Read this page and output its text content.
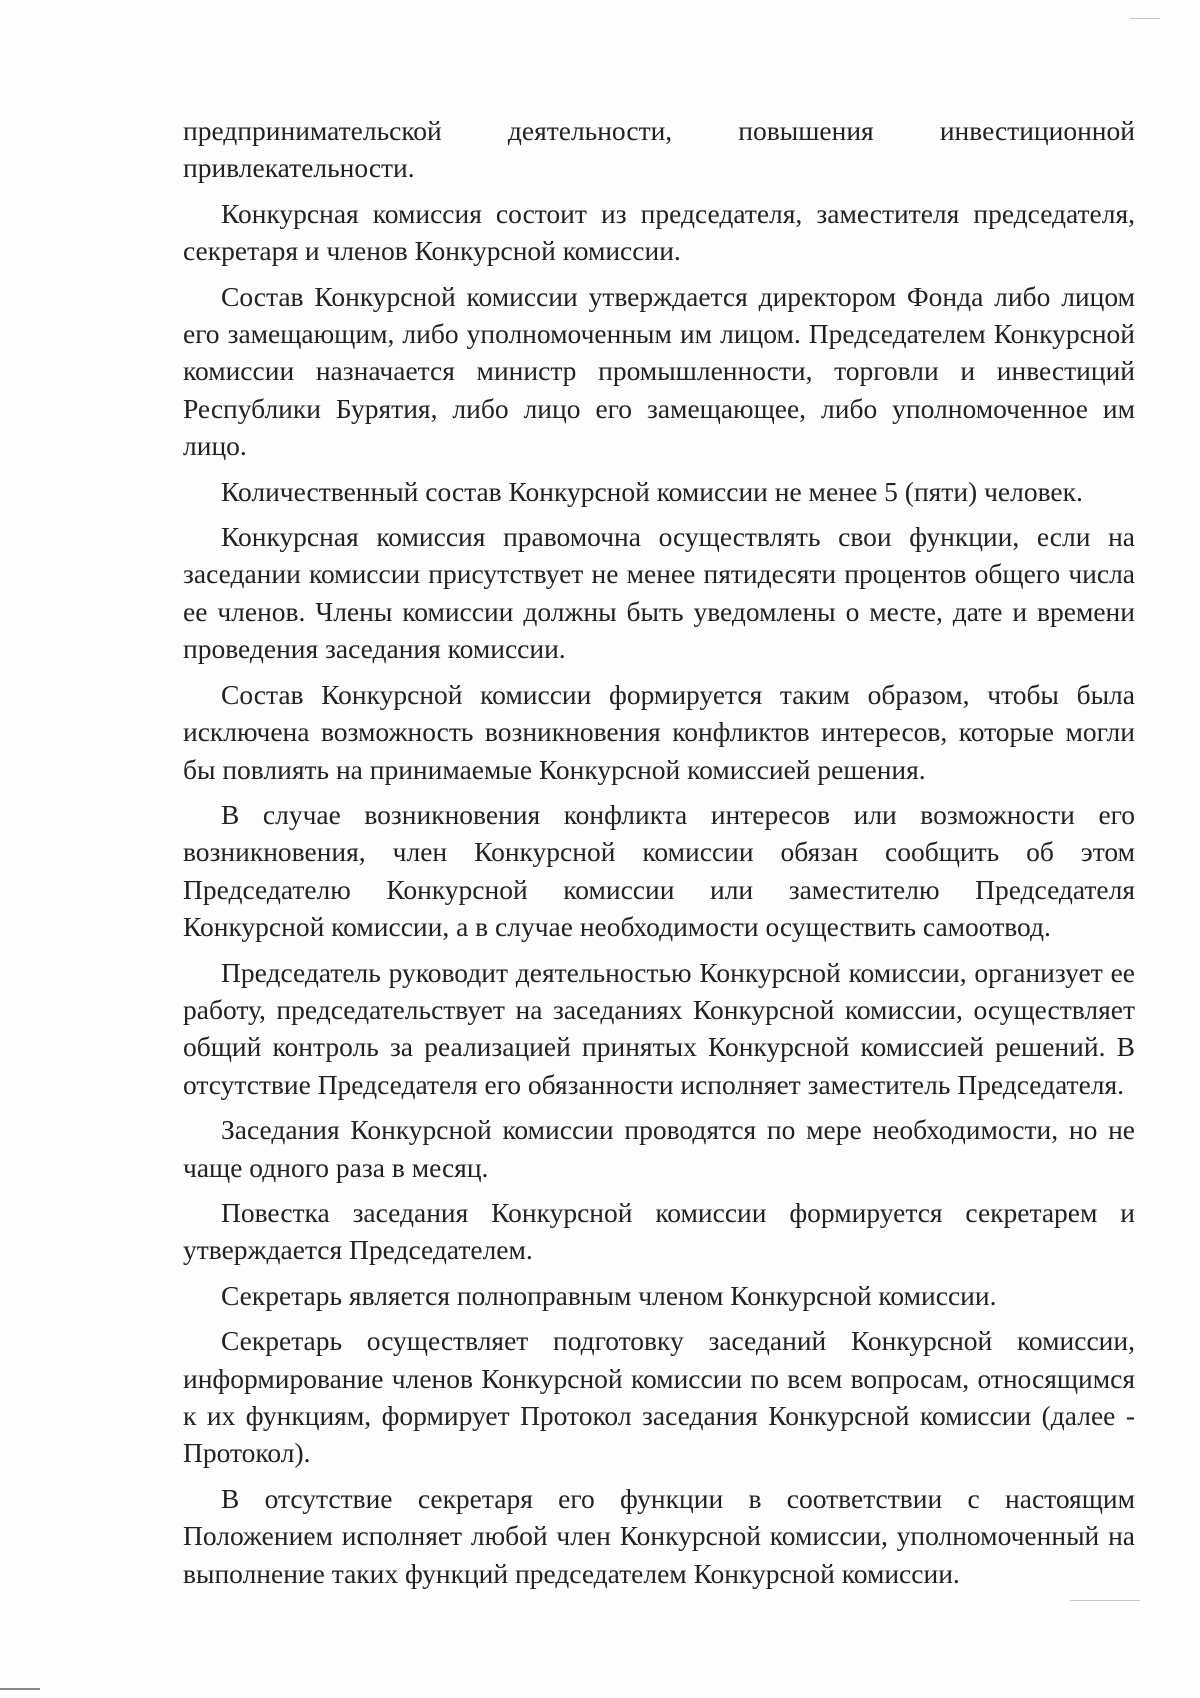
предпринимательской деятельности, повышения инвестиционной привлекательности.

Конкурсная комиссия состоит из председателя, заместителя председателя, секретаря и членов Конкурсной комиссии.

Состав Конкурсной комиссии утверждается директором Фонда либо лицом его замещающим, либо уполномоченным им лицом. Председателем Конкурсной комиссии назначается министр промышленности, торговли и инвестиций Республики Бурятия, либо лицо его замещающее, либо уполномоченное им лицо.

Количественный состав Конкурсной комиссии не менее 5 (пяти) человек.

Конкурсная комиссия правомочна осуществлять свои функции, если на заседании комиссии присутствует не менее пятидесяти процентов общего числа ее членов. Члены комиссии должны быть уведомлены о месте, дате и времени проведения заседания комиссии.

Состав Конкурсной комиссии формируется таким образом, чтобы была исключена возможность возникновения конфликтов интересов, которые могли бы повлиять на принимаемые Конкурсной комиссией решения.

В случае возникновения конфликта интересов или возможности его возникновения, член Конкурсной комиссии обязан сообщить об этом Председателю Конкурсной комиссии или заместителю Председателя Конкурсной комиссии, а в случае необходимости осуществить самоотвод.

Председатель руководит деятельностью Конкурсной комиссии, организует ее работу, председательствует на заседаниях Конкурсной комиссии, осуществляет общий контроль за реализацией принятых Конкурсной комиссией решений. В отсутствие Председателя его обязанности исполняет заместитель Председателя.

Заседания Конкурсной комиссии проводятся по мере необходимости, но не чаще одного раза в месяц.

Повестка заседания Конкурсной комиссии формируется секретарем и утверждается Председателем.

Секретарь является полноправным членом Конкурсной комиссии.

Секретарь осуществляет подготовку заседаний Конкурсной комиссии, информирование членов Конкурсной комиссии по всем вопросам, относящимся к их функциям, формирует Протокол заседания Конкурсной комиссии (далее - Протокол).

В отсутствие секретаря его функции в соответствии с настоящим Положением исполняет любой член Конкурсной комиссии, уполномоченный на выполнение таких функций председателем Конкурсной комиссии.
